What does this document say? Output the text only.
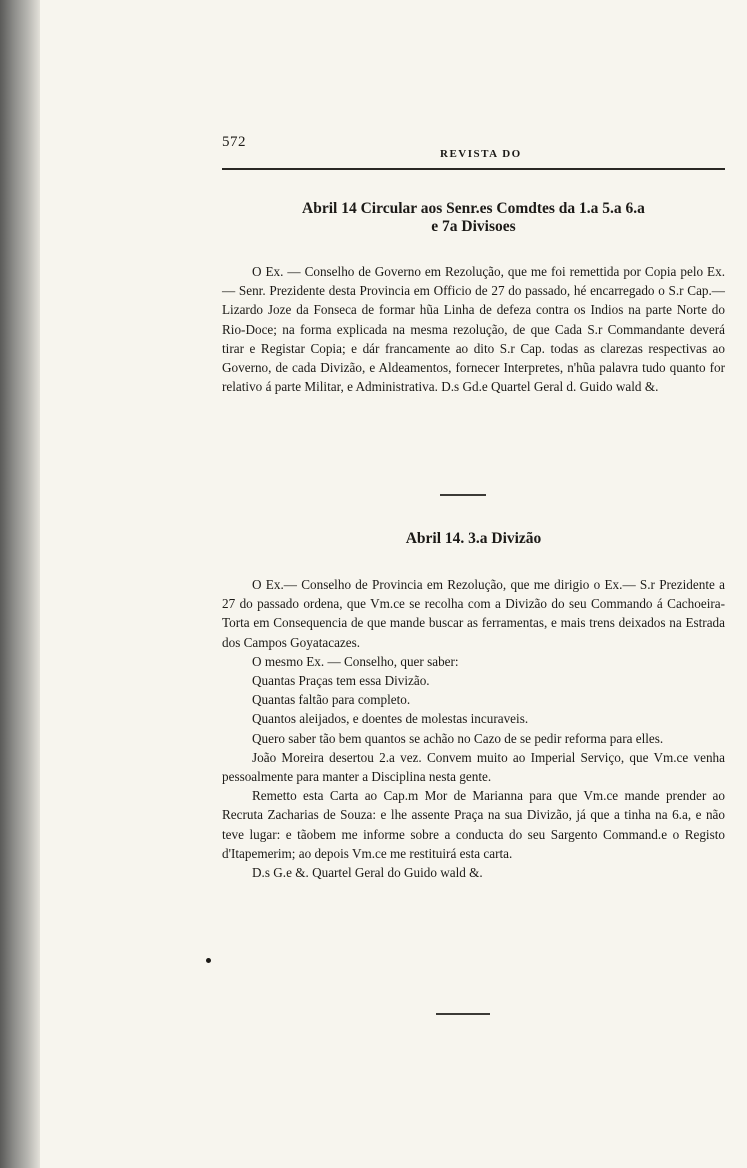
572
REVISTA DO
Abril 14 Circular aos Senr.es Comdtes da 1.a 5.a 6.a
e 7a Divisoes

O Ex. — Conselho de Governo em Rezolução, que me foi remettida por Copia pelo Ex.— Senr. Prezidente desta Provincia em Officio de 27 do passado, hé encarregado o S.r Cap.— Lizardo Joze da Fonseca de formar hũa Linha de defeza contra os Indios na parte Norte do Rio-Doce; na forma explicada na mesma rezolução, de que Cada S.r Commandante deverá tirar e Registar Copia; e dár francamente ao dito S.r Cap. todas as clarezas respectivas ao Governo, de cada Divizão, e Aldeamentos, fornecer Interpretes, n'hũa palavra tudo quanto for relativo á parte Militar, e Administrativa. D.s Gd.e Quartel Geral d. Guido wald &.

Abril 14. 3.a Divizão

O Ex.— Conselho de Provincia em Rezolução, que me dirigio o Ex.— S.r Prezidente a 27 do passado ordena, que Vm.ce se recolha com a Divizão do seu Commando á Cachoeira-Torta em Consequencia de que mande buscar as ferramentas, e mais trens deixados na Estrada dos Campos Goyatacazes.

O mesmo Ex. — Conselho, quer saber:

Quantas Praças tem essa Divizão.

Quantas faltão para completo.

Quantos aleijados, e doentes de molestas incuraveis.

Quero saber tão bem quantos se achão no Cazo de se pedir reforma para elles.

João Moreira desertou 2.a vez. Convem muito ao Imperial Serviço, que Vm.ce venha pessoalmente para manter a Disciplina nesta gente.

Remetto esta Carta ao Cap.m Mor de Marianna para que Vm.ce mande prender ao Recruta Zacharias de Souza: e lhe assente Praça na sua Divizão, já que a tinha na 6.a, e não teve lugar: e tãobem me informe sobre a conducta do seu Sargento Command.e o Registo d'Itapemerim; ao depois Vm.ce me restituirá esta carta.

D.s G.e &. Quartel Geral do Guido wald &.
